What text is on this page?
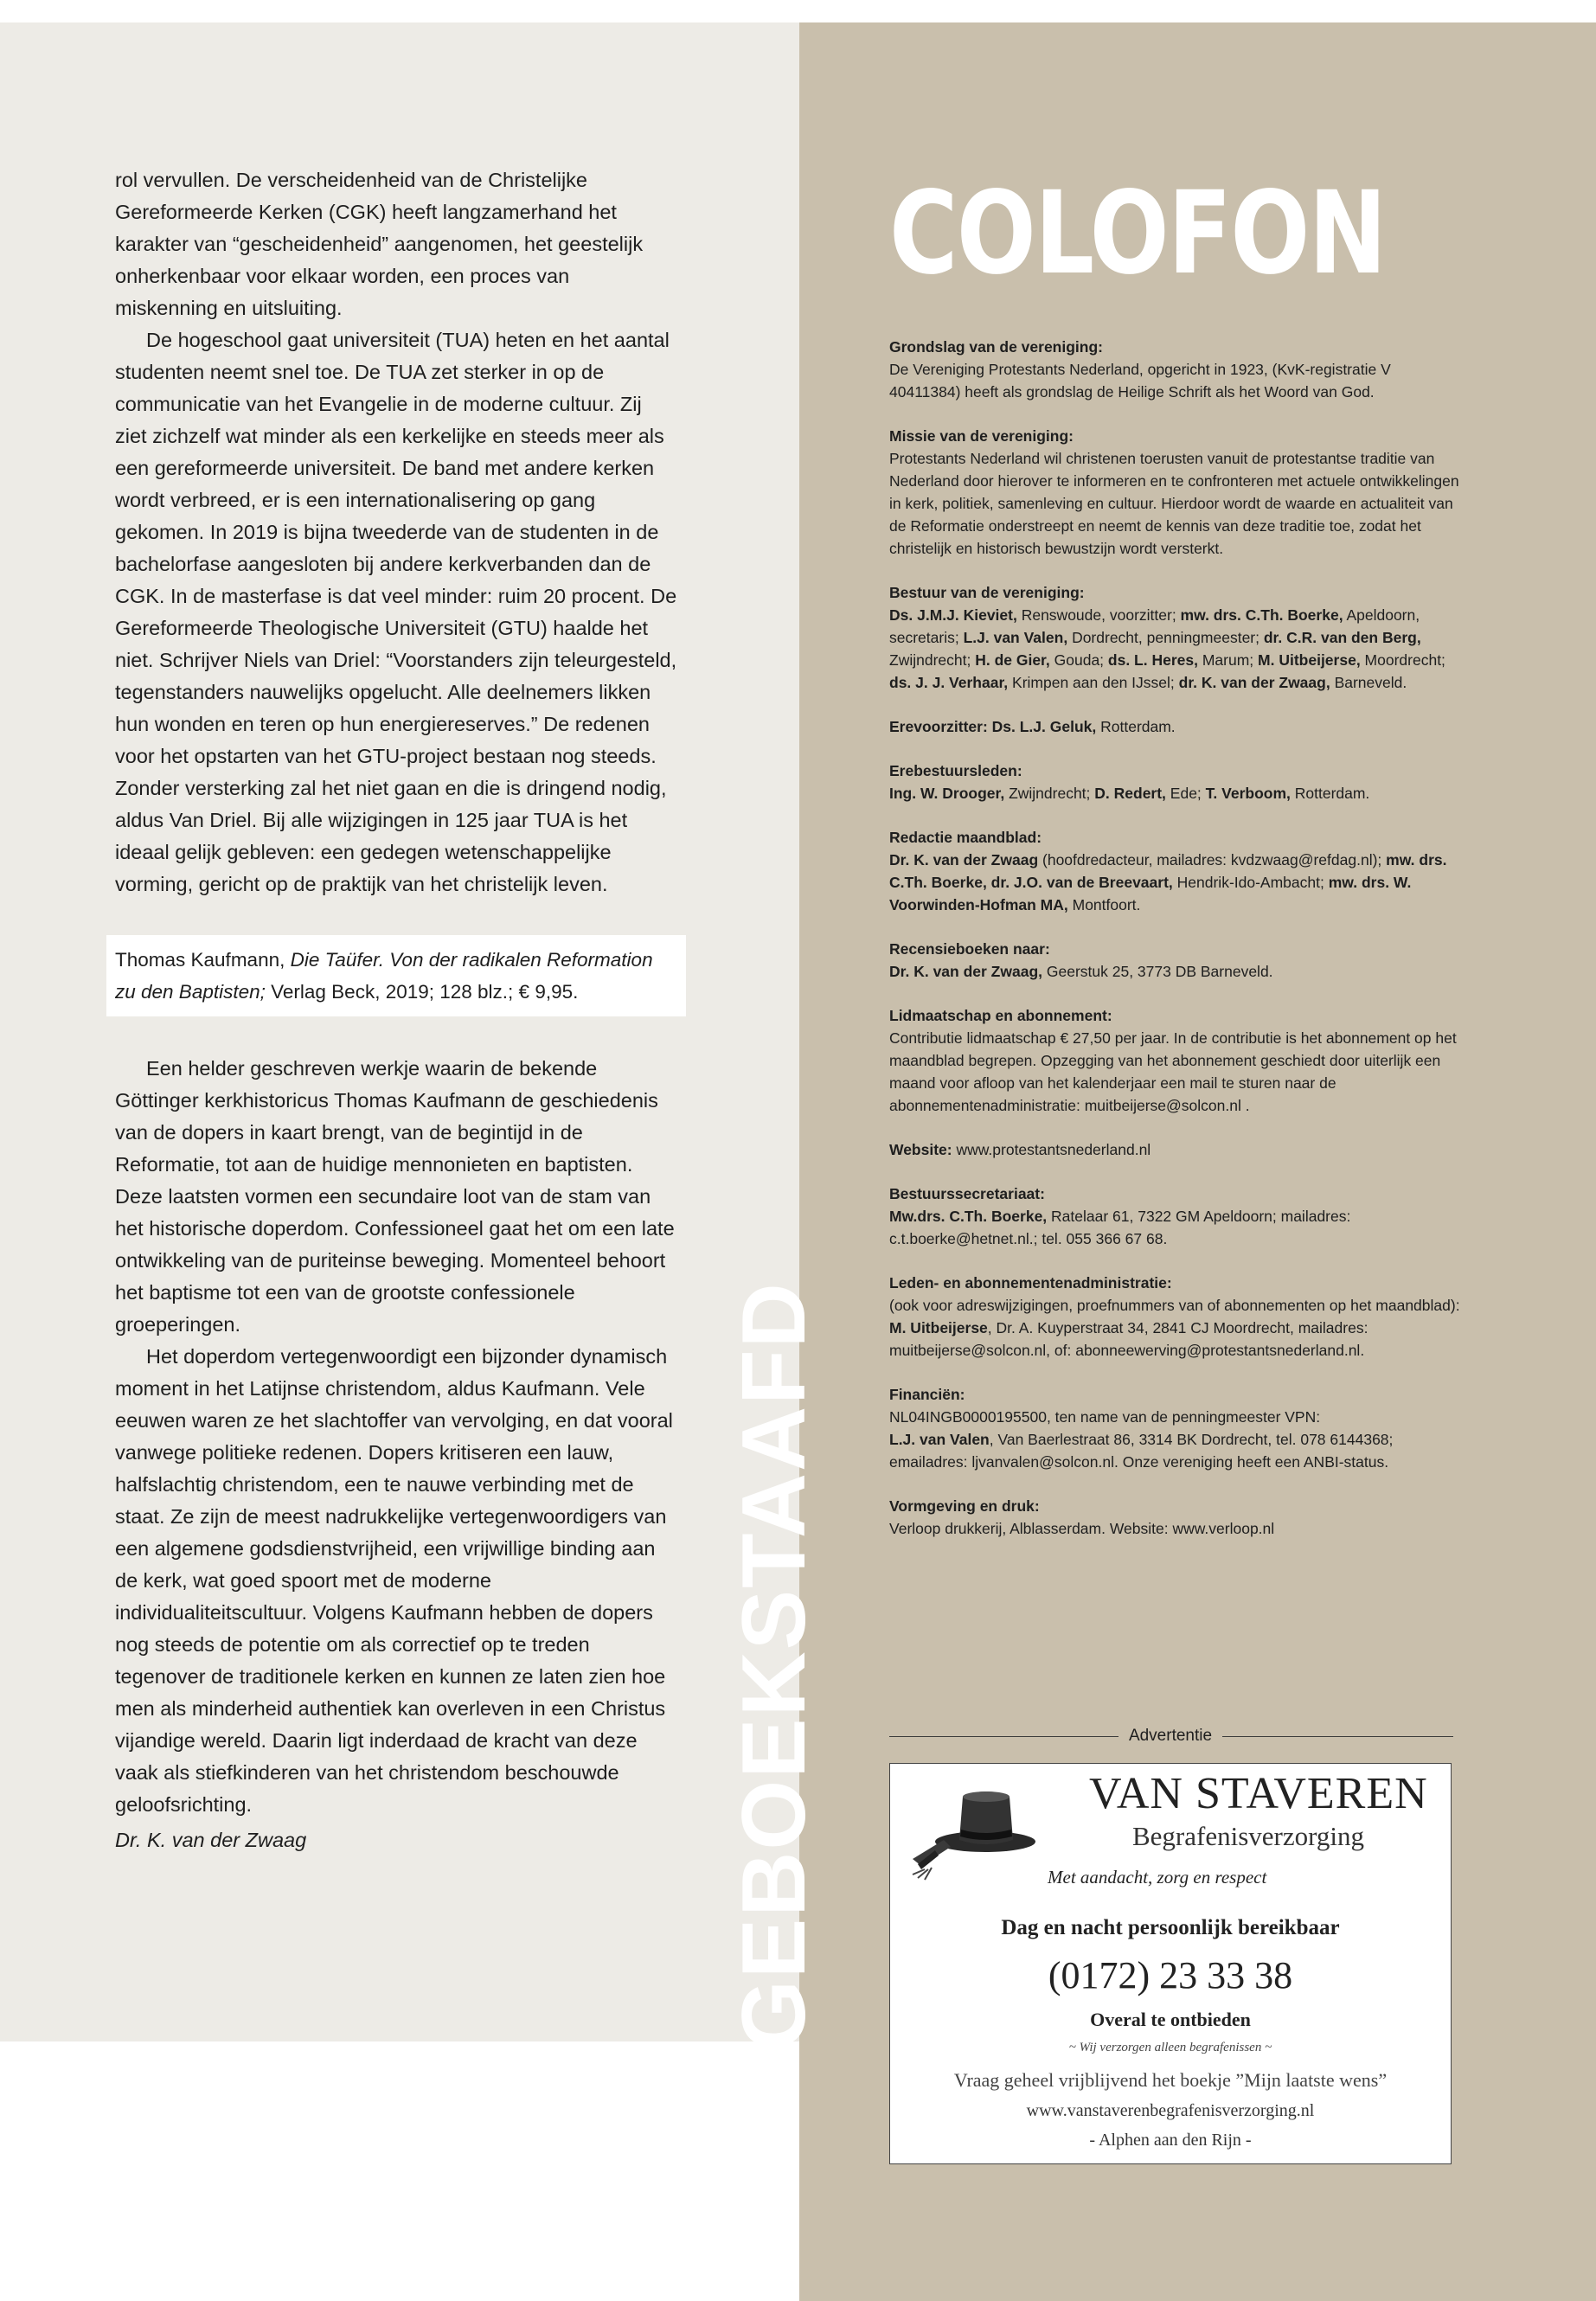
rol vervullen. De verscheidenheid van de Christelijke Gereformeerde Kerken (CGK) heeft langzamerhand het karakter van “gescheidenheid” aangenomen, het geestelijk onherkenbaar voor elkaar worden, een proces van miskenning en uitsluiting.

De hogeschool gaat universiteit (TUA) heten en het aantal studenten neemt snel toe. De TUA zet sterker in op de communicatie van het Evangelie in de moderne cultuur. Zij ziet zichzelf wat minder als een kerkelijke en steeds meer als een gereformeerde universiteit. De band met andere kerken wordt verbreed, er is een internationalisering op gang gekomen. In 2019 is bijna tweederde van de studenten in de bachelorfase aangesloten bij andere kerkverbanden dan de CGK. In de masterfase is dat veel minder: ruim 20 procent. De Gereformeerde Theologische Universiteit (GTU) haalde het niet. Schrijver Niels van Driel: “Voorstanders zijn teleurgesteld, tegenstanders nauwelijks opgelucht. Alle deelnemers likken hun wonden en teren op hun energiereserves.” De redenen voor het opstarten van het GTU-project bestaan nog steeds. Zonder versterking zal het niet gaan en die is dringend nodig, aldus Van Driel. Bij alle wijzigingen in 125 jaar TUA is het ideaal gelijk gebleven: een gedegen wetenschappelijke vorming, gericht op de praktijk van het christelijk leven.

Thomas Kaufmann, Die Taüfer. Von der radikalen Reformation zu den Baptisten; Verlag Beck, 2019; 128 blz.; € 9,95.

Een helder geschreven werkje waarin de bekende Göttinger kerkhistoricus Thomas Kaufmann de geschiedenis van de dopers in kaart brengt, van de begintijd in de Reformatie, tot aan de huidige mennonieten en baptisten. Deze laatsten vormen een secundaire loot van de stam van het historische doperdom. Confessioneel gaat het om een late ontwikkeling van de puriteinse beweging. Momenteel behoort het baptisme tot een van de grootste confessionele groeperingen.

Het doperdom vertegenwoordigt een bijzonder dynamisch moment in het Latijnse christendom, aldus Kaufmann. Vele eeuwen waren ze het slachtoffer van vervolging, en dat vooral vanwege politieke redenen. Dopers kritiseren een lauw, halfslachtig christendom, een te nauwe verbinding met de staat. Ze zijn de meest nadrukkelijke vertegenwoordigers van een algemene godsdienstvrijheid, een vrijwillige binding aan de kerk, wat goed spoort met de moderne individualiteitscultuur. Volgens Kaufmann hebben de dopers nog steeds de potentie om als correctief op te treden tegenover de traditionele kerken en kunnen ze laten zien hoe men als minderheid authentiek kan overleven in een Christus vijandige wereld. Daarin ligt inderdaad de kracht van deze vaak als stiefkinderen van het christendom beschouwde geloofsrichting.

Dr. K. van der Zwaag	GEBOEKSTAAFD
COLOFON
Grondslag van de vereniging:
De Vereniging Protestants Nederland, opgericht in 1923, (KvK-registratie V 40411384) heeft als grondslag de Heilige Schrift als het Woord van God.
Missie van de vereniging:
Protestants Nederland wil christenen toerusten vanuit de protestantse traditie van Nederland door hierover te informeren en te confronteren met actuele ontwikkelingen in kerk, politiek, samenleving en cultuur. Hierdoor wordt de waarde en actualiteit van de Reformatie onderstreept en neemt de kennis van deze traditie toe, zodat het christelijk en historisch bewustzijn wordt versterkt.
Bestuur van de vereniging:
Ds. J.M.J. Kieviet, Renswoude, voorzitter; mw. drs. C.Th. Boerke, Apeldoorn, secretaris; L.J. van Valen, Dordrecht, penningmeester; dr. C.R. van den Berg, Zwijndrecht; H. de Gier, Gouda; ds. L. Heres, Marum; M. Uitbeijerse, Moordrecht; ds. J. J. Verhaar, Krimpen aan den IJssel; dr. K. van der Zwaag, Barneveld.
Erevoorzitter: Ds. L.J. Geluk, Rotterdam.
Erebestuursleden:
Ing. W. Drooger, Zwijndrecht; D. Redert, Ede; T. Verboom, Rotterdam.
Redactie maandblad:
Dr. K. van der Zwaag (hoofdredacteur, mailadres: kvdzwaag@refdag.nl); mw. drs. C.Th. Boerke, dr. J.O. van de Breevaart, Hendrik-Ido-Ambacht; mw. drs. W. Voorwinden-Hofman MA, Montfoort.
Recensieboeken naar:
Dr. K. van der Zwaag, Geerstuk 25, 3773 DB Barneveld.
Lidmaatschap en abonnement:
Contributie lidmaatschap € 27,50 per jaar. In de contributie is het abonnement op het maandblad begrepen. Opzegging van het abonnement geschiedt door uiterlijk een maand voor afloop van het kalenderjaar een mail te sturen naar de abonnementenadministratie: muitbeijerse@solcon.nl .
Website: www.protestantsnederland.nl
Bestuurssecretariaat:
Mw.drs. C.Th. Boerke, Ratelaar 61, 7322 GM Apeldoorn; mailadres: c.t.boerke@hetnet.nl.; tel. 055 366 67 68.
Leden- en abonnementenadministratie:
(ook voor adreswijzigingen, proefnummers van of abonnementen op het maandblad):
M. Uitbeijerse, Dr. A. Kuyperstraat 34, 2841 CJ Moordrecht, mailadres: muitbeijerse@solcon.nl, of: abonneewerving@protestantsnederland.nl.
Financiën:
NL04INGB0000195500, ten name van de penningmeester VPN:
L.J. van Valen, Van Baerlestraat 86, 3314 BK Dordrecht, tel. 078 6144368; emailadres: ljvanvalen@solcon.nl. Onze vereniging heeft een ANBI-status.
Vormgeving en druk:
Verloop drukkerij, Alblasserdam. Website: www.verloop.nl
Advertentie
VAN STAVEREN
Begrafenisverzorging
Met aandacht, zorg en respect
Dag en nacht persoonlijk bereikbaar
(0172) 23 33 38
Overal te ontbieden
~ Wij verzorgen alleen begrafenissen ~
Vraag geheel vrijblijvend het boekje ”Mijn laatste wens”
www.vanstaverenbegrafenisverzorging.nl
- Alphen aan den Rijn -
